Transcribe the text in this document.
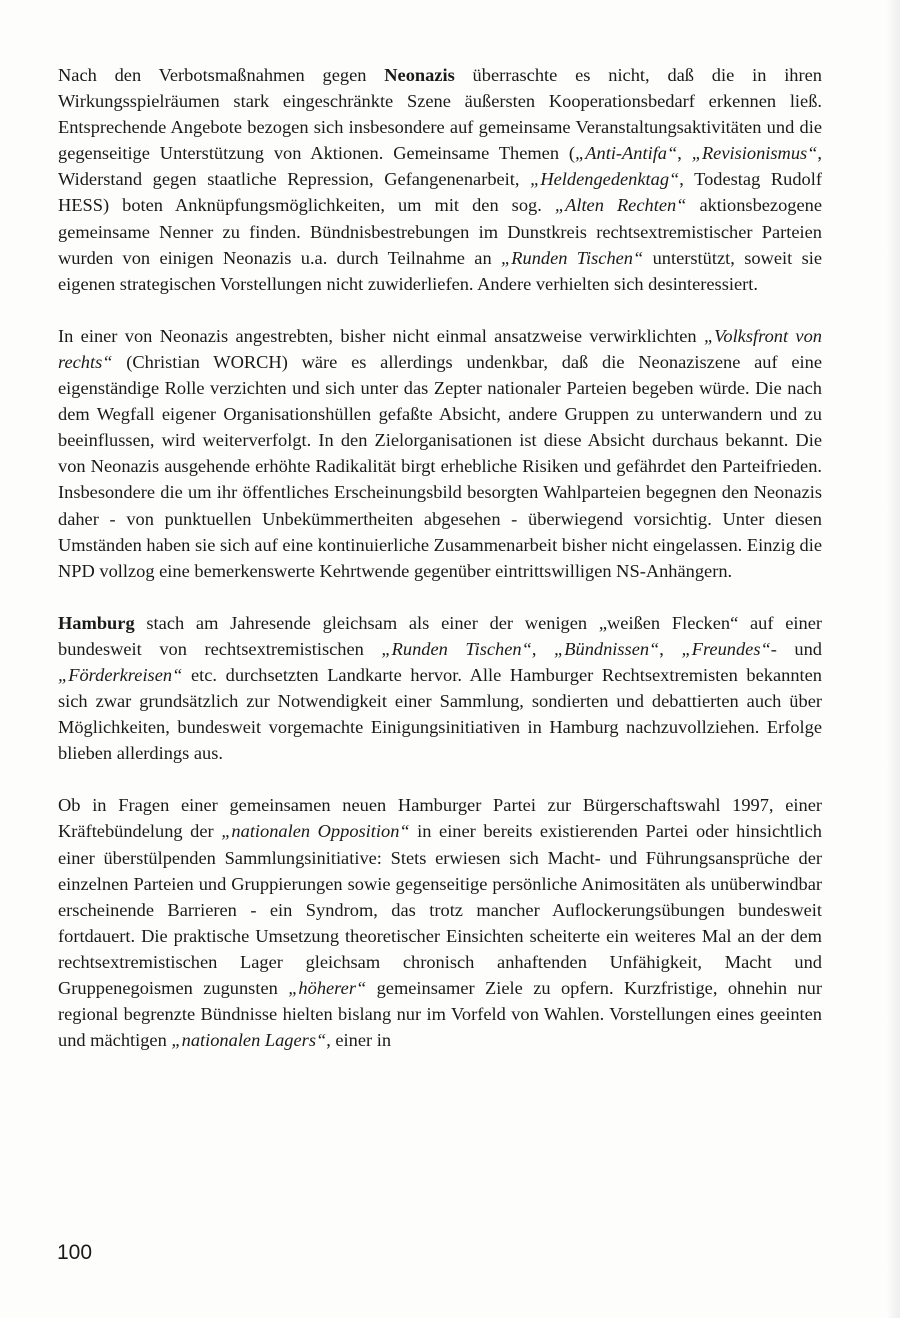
Nach den Verbotsmaßnahmen gegen Neonazis überraschte es nicht, daß die in ihren Wirkungsspielräumen stark eingeschränkte Szene äußersten Kooperationsbedarf erkennen ließ. Entsprechende Angebote bezogen sich insbesondere auf gemeinsame Veranstaltungsaktivitäten und die gegenseitige Unterstützung von Aktionen. Gemeinsame Themen („Anti-Antifa“, „Revisionismus“, Widerstand gegen staatliche Repression, Gefangenenarbeit, „Heldengedenktag“, Todestag Rudolf HESS) boten Anknüpfungsmöglichkeiten, um mit den sog. „Alten Rechten“ aktionsbezogene gemeinsame Nenner zu finden. Bündnisbestrebungen im Dunstkreis rechtsextremistischer Parteien wurden von einigen Neonazis u.a. durch Teilnahme an „Runden Tischen“ unterstützt, soweit sie eigenen strategischen Vorstellungen nicht zuwiderliefen. Andere verhielten sich desinteressiert.

In einer von Neonazis angestrebten, bisher nicht einmal ansatzweise verwirklichten „Volksfront von rechts“ (Christian WORCH) wäre es allerdings undenkbar, daß die Neonaziszene auf eine eigenständige Rolle verzichten und sich unter das Zepter nationaler Parteien begeben würde. Die nach dem Wegfall eigener Organisationshüllen gefaßte Absicht, andere Gruppen zu unterwandern und zu beeinflussen, wird weiterverfolgt. In den Zielorganisationen ist diese Absicht durchaus bekannt. Die von Neonazis ausgehende erhöhte Radikalität birgt erhebliche Risiken und gefährdet den Parteifrieden. Insbesondere die um ihr öffentliches Erscheinungsbild besorgten Wahlparteien begegnen den Neonazis daher - von punktuellen Unbekümmertheiten abgesehen - überwiegend vorsichtig. Unter diesen Umständen haben sie sich auf eine kontinuierliche Zusammenarbeit bisher nicht eingelassen. Einzig die NPD vollzog eine bemerkenswerte Kehrtwende gegenüber eintrittswilligen NS-Anhängern.

Hamburg stach am Jahresende gleichsam als einer der wenigen „weißen Flecken“ auf einer bundesweit von rechtsextremistischen „Runden Tischen“, „Bündnissen“, „Freundes“- und „Förderkreisen“ etc. durchsetzten Landkarte hervor. Alle Hamburger Rechtsextremisten bekannten sich zwar grundsätzlich zur Notwendigkeit einer Sammlung, sondierten und debattierten auch über Möglichkeiten, bundesweit vorgemachte Einigungsinitiativen in Hamburg nachzuvollziehen. Erfolge blieben allerdings aus.

Ob in Fragen einer gemeinsamen neuen Hamburger Partei zur Bürgerschaftswahl 1997, einer Kräftebündelung der „nationalen Opposition“ in einer bereits existierenden Partei oder hinsichtlich einer überstülpenden Sammlungsinitiative: Stets erwiesen sich Macht- und Führungsansprüche der einzelnen Parteien und Gruppierungen sowie gegenseitige persönliche Animositäten als unüberwindbar erscheinende Barrieren - ein Syndrom, das trotz mancher Auflockerungsübungen bundesweit fortdauert. Die praktische Umsetzung theoretischer Einsichten scheiterte ein weiteres Mal an der dem rechtsextremistischen Lager gleichsam chronisch anhaftenden Unfähigkeit, Macht und Gruppenegoismen zugunsten „höherer“ gemeinsamer Ziele zu opfern. Kurzfristige, ohnehin nur regional begrenzte Bündnisse hielten bislang nur im Vorfeld von Wahlen. Vorstellungen eines geeinten und mächtigen „nationalen Lagers“, einer in

100
